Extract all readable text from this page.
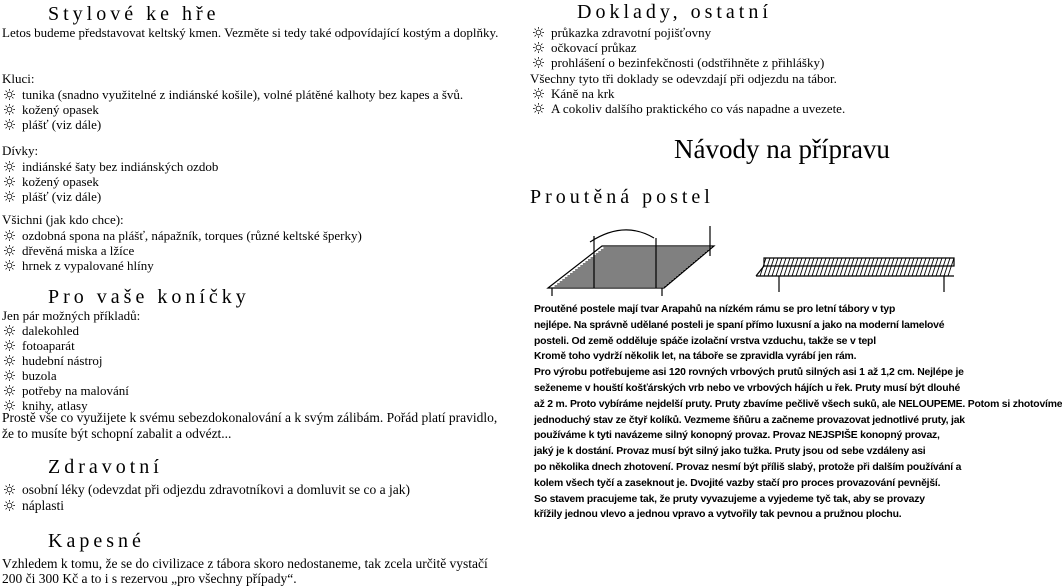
Stylové ke hře
Letos budeme představovat keltský kmen. Vezměte si tedy také odpovídající kostým a doplňky.
Kluci:
tunika (snadno využitelné z indiánské košile), volné plátěné kalhoty bez kapes a švů.
kožený opasek
plášť (viz dále)
Dívky:
indiánské šaty bez indiánských ozdob
kožený opasek
plášť (viz dále)
Všichni (jak kdo chce):
ozdobná spona na plášť, nápažník, torques (různé keltské šperky)
dřevěná miska a lžíce
hrnek z vypalované hlíny
Pro vaše koníčky
Jen pár možných příkladů:
dalekohled
fotoaparát
hudební nástroj
buzola
potřeby na malování
knihy, atlasy
Prostě vše co využijete k svému sebezdokonalování a k svým zálibám. Pořád platí pravidlo,
že to musíte být schopní zabalit a odvézt...
Zdravotní
osobní léky (odevzdat při odjezdu zdravotníkovi a domluvit se co a jak)
náplasti
Kapesné
Vzhledem k tomu, že se do civilizace z tábora skoro nedostaneme, tak zcela určitě vystačí
200 či 300 Kč a to i s rezervou „pro všechny případy“.
Doklady, ostatní
průkazka zdravotní pojišťovny
očkovací průkaz
prohlášení o bezinfekčnosti (odstřihněte z přihlášky)
Všechny tyto tři doklady se odevzdají při odjezdu na tábor.
Káně na krk
A cokoliv dalšího praktického co vás napadne a uvezete.
Návody na přípravu
Proutěná postel
Proutěné postele mají tvar Arapahů na nízkém rámu se pro letní tábory v typ
nejlépe. Na správně udělané posteli je spaní přímo luxusní a jako na moderní lamelové
posteli. Od země odděluje spáče izolační vrstva vzduchu, takže se v tepl
Kromě toho vydrží několik let, na táboře se zpravidla vyrábí jen rám.
Pro výrobu potřebujeme asi 120 rovných vrbových prutů silných asi 1 až 1,2 cm. Nejlépe je
seženeme v houští košťárských vrb nebo ve vrbových hájích u řek. Pruty musí být dlouhé
až 2 m. Proto vybíráme nejdelší pruty. Pruty zbavíme pečlivě všech suků, ale NELOUPEME. Potom si zhotovíme
jednoduchý stav ze čtyř kolíků. Vezmeme šňůru a začneme provazovat jednotlivé pruty, jak
používáme k tyti navázeme silný konopný provaz. Provaz NEJSPIŠE konopný provaz,
jaký je k dostání. Provaz musí být silný jako tužka. Pruty jsou od sebe vzdáleny asi
po několika dnech zhotovení. Provaz nesmí být příliš slabý, protože při dalším používání a
kolem všech tyčí a zaseknout je. Dvojité vazby stačí pro proces provazování pevnější.
So stavem pracujeme tak, že pruty vyvazujeme a vyjedeme tyč tak, aby se provazy
křížily jednou vlevo a jednou vpravo a vytvořily tak pevnou a pružnou plochu.
